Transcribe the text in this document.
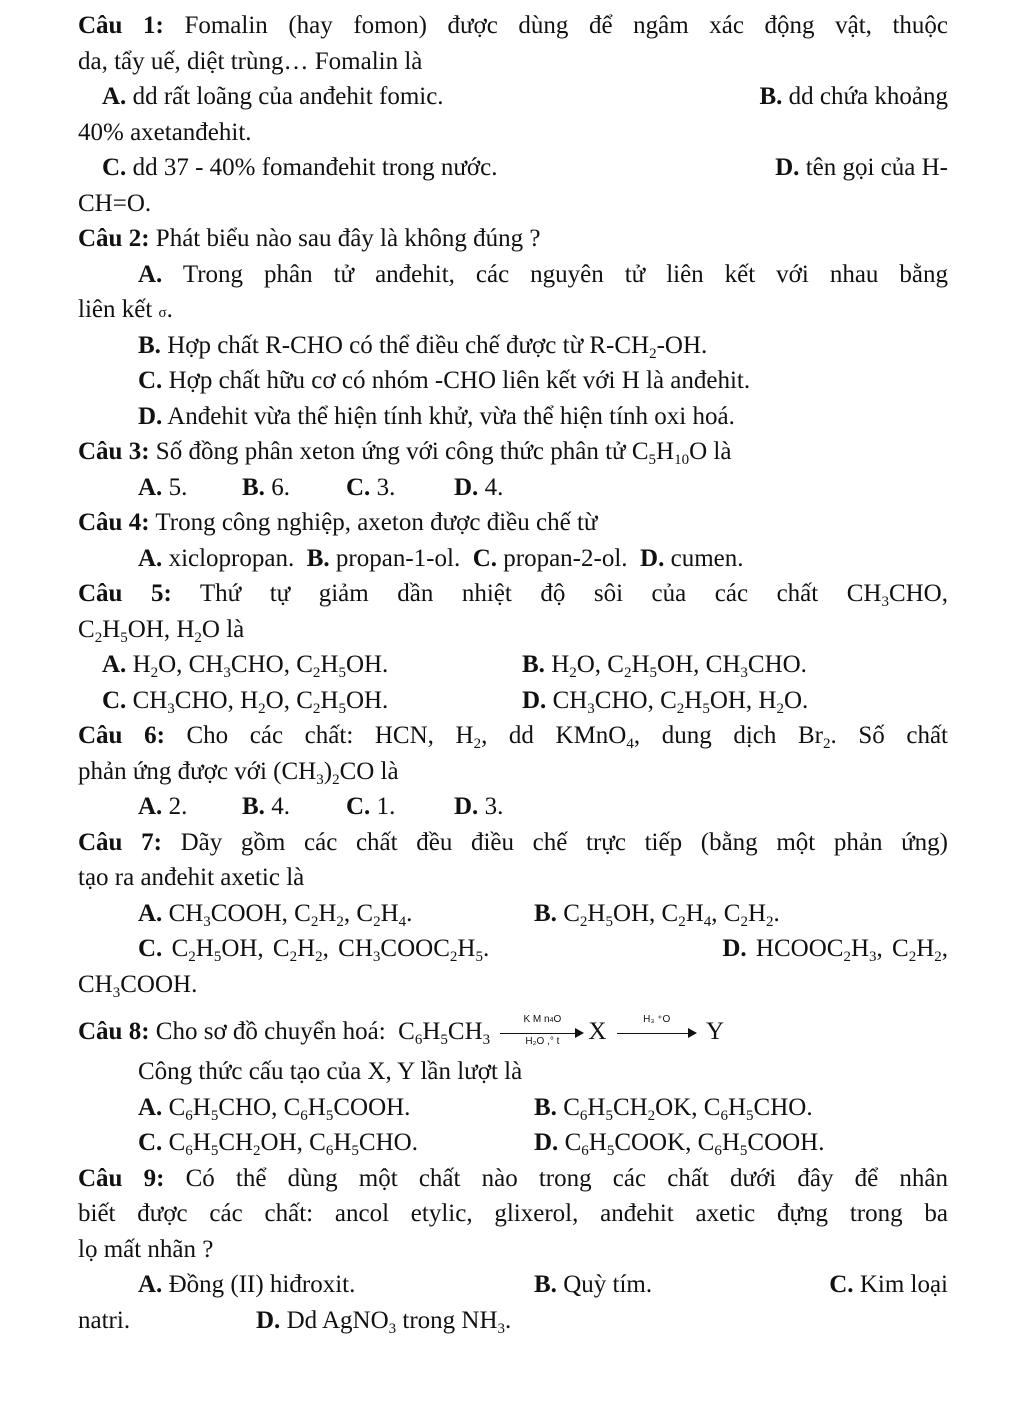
Câu 1: Fomalin (hay fomon) được dùng để ngâm xác động vật, thuộc
da, tẩy uế, diệt trùng… Fomalin là
A. dd rất loãng của anđehit fomic.	B. dd chứa khoảng
40% axetanđehit.
C. dd 37 - 40% fomanđehit trong nước.	D. tên gọi của H-
CH=O.
Câu 2: Phát biểu nào sau đây là không đúng ?
A. Trong phân tử anđehit, các nguyên tử liên kết với nhau bằng
liên kết σ.
B. Hợp chất R-CHO có thể điều chế được từ $R-CH_2-OH$.
C. Hợp chất hữu cơ có nhóm -CHO liên kết với H là anđehit.
D. Anđehit vừa thể hiện tính khử, vừa thể hiện tính oxi hoá.
Câu 3: Số đồng phân xeton ứng với công thức phân tử $C_5H_{10}O$ là
A. 5. B. 6. C. 3. D. 4.
Câu 4: Trong công nghiệp, axeton được điều chế từ
A. xiclopropan. B. propan-1-ol. C. propan-2-ol. D. cumen.
Câu 5: Thứ tự giảm dần nhiệt độ sôi của các chất $CH_3CHO$,
$C_2H_5OH$, $H_2O$ là
A. $H_2O$, $CH_3CHO$, $C_2H_5OH$.	B. $H_2O$, $C_2H_5OH$, $CH_3CHO$.
C. $CH_3CHO$, $H_2O$, $C_2H_5OH$.	D. $CH_3CHO$, $C_2H_5OH$, $H_2O$.
Câu 6: Cho các chất: HCN, $H_2$, dd KMnO$_4$, dung dịch $Br_2$. Số chất
phản ứng được với $(CH_3)_2CO$ là
A. 2. B. 4. C. 1. D. 3.
Câu 7: Dãy gồm các chất đều điều chế trực tiếp (bằng một phản ứng)
tạo ra anđehit axetic là
A. $CH_3COOH$, $C_2H_2$, $C_2H_4$.	B. $C_2H_5OH$, $C_2H_4$, $C_2H_2$.
C. $C_2H_5OH$, $C_2H_2$, $CH_3COOC_2H_5$.	D. $HCOOC_2H_3$, $C_2H_2$,
$CH_3COOH$.
Câu 8: Cho sơ đồ chuyển hoá:  $C_6H_5CH_3 \frac{\text{K M n4O}}{\text{H₂O ,° t}}$ X	H₃ ⁺O	Y
Công thức cấu tạo của X, Y lần lượt là
A. $C_6H_5CHO$, $C_6H_5COOH$.	B. $C_6H_5CH_2OK$, $C_6H_5CHO$.
C. $C_6H_5CH_2OH$, $C_6H_5CHO$.	D. $C_6H_5COOK$, $C_6H_5COOH$.
Câu 9: Có thể dùng một chất nào trong các chất dưới đây để nhân
biết được các chất: ancol etylic, glixerol, anđehit axetic đựng trong ba
lọ mất nhãn ?
A. Đồng (II) hiđroxit.	B. Quỳ tím.	C. Kim loại
natri.	D. Dd AgNO$_3$ trong $NH_3$.
